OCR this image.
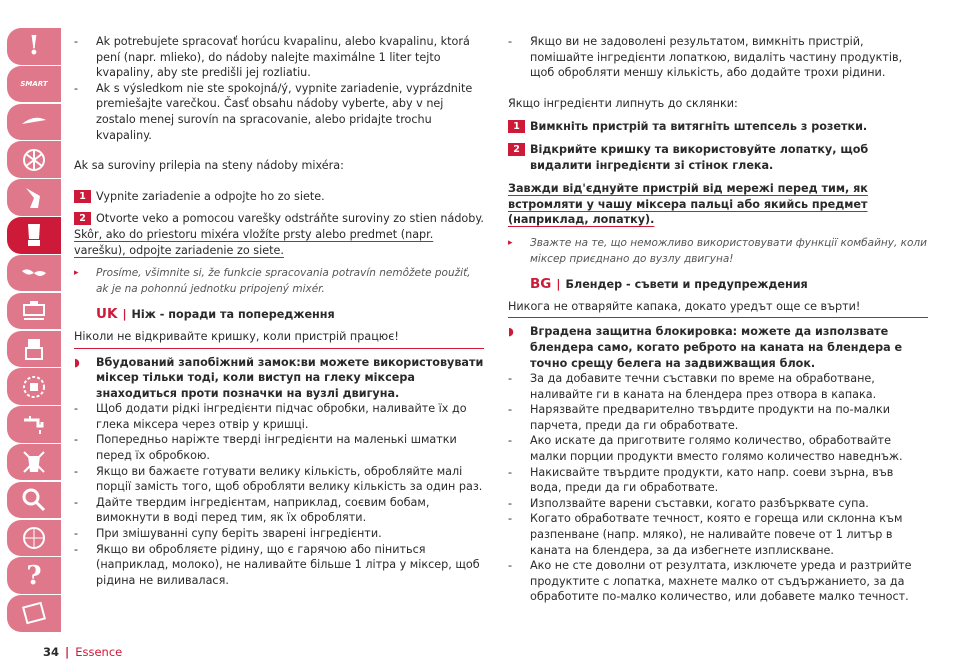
!
SMART
?
- Ak potrebujete spracovať horúcu kvapalinu, alebo kvapalinu, ktorá pení (napr. mlieko), do nádoby nalejte maximálne 1 liter tejto kvapaliny, aby ste predišli jej rozliatiu.
- Ak s výsledkom nie ste spokojná/ý, vypnite zariadenie, vyprázdnite premiešajte varečkou. Časť obsahu nádoby vyberte, aby v nej zostalo menej surovín na spracovanie, alebo pridajte trochu kvapaliny.
Ak sa suroviny prilepia na steny nádoby mixéra:
1 Vypnite zariadenie a odpojte ho zo siete.
2 Otvorte veko a pomocou varešky odstráňte suroviny zo stien nádoby.
Skôr, ako do priestoru mixéra vložíte prsty alebo predmet (napr. varešku), odpojte zariadenie zo siete.
▸ Prosíme, všimnite si, že funkcie spracovania potravín nemôžete použiť, ak je na pohonnú jednotku pripojený mixér.
UK | Ніж - поради та попередження
Ніколи не відкривайте кришку, коли пристрій працює!
◗ Вбудований запобіжний замок:ви можете використовувати міксер тільки тоді, коли виступ на глеку міксера знаходиться проти позначки на вузлі двигуна.
- Щоб додати рідкі інгредієнти підчас обробки, наливайте їх до глека міксера через отвір у кришці.
- Попередньо наріжте тверді інгредієнти на маленькі шматки перед їх обробкою.
- Якщо ви бажаєте готувати велику кількість, обробляйте малі порції замість того, щоб обробляти велику кількість за один раз.
- Дайте твердим інгредієнтам, наприклад, соєвим бобам, вимокнути в воді перед тим, як їх обробляти.
- При змішуванні супу беріть зварені інгредієнти.
- Якщо ви обробляєте рідину, що є гарячою або піниться (наприклад, молоко), не наливайте більше 1 літра у міксер, щоб рідина не виливалася.
- Якщо ви не задоволені результатом, вимкніть пристрій, помішайте інгредієнти лопаткою, видаліть частину продуктів, щоб обробляти меншу кількість, або додайте трохи рідини.
Якщо інгредієнти липнуть до склянки:
1 Вимкніть пристрій та витягніть штепсель з розетки.
2 Відкрийте кришку та використовуйте лопатку, щоб видалити інгредієнти зі стінок глека.
Завжди від'єднуйте пристрій від мережі перед тим, як встромляти у чашу міксера пальці або якийсь предмет (наприклад, лопатку).
▸ Зважте на те, що неможливо використовувати функції комбайну, коли міксер приєднано до вузлу двигуна!
BG | Блендер - съвети и предупреждения
Никога не отваряйте капака, докато уредът още се върти!
◗ Вградена защитна блокировка: можете да използвате блендера само, когато реброто на каната на блендера е точно срещу белега на задвижващия блок.
- За да добавите течни съставки по време на обработване, наливайте ги в каната на блендера през отвора в капака.
- Нарязвайте предварително твърдите продукти на по-малки парчета, преди да ги обработвате.
- Ако искате да приготвите голямо количество, обработвайте малки порции продукти вместо голямо количество наведнъж.
- Накисвайте твърдите продукти, като напр. соеви зърна, във вода, преди да ги обработвате.
- Използвайте варени съставки, когато разбърквате супа.
- Когато обработвате течност, която е гореща или склонна към разпенване (напр. мляко), не наливайте повече от 1 литър в каната на блендера, за да избегнете изплискване.
- Ако не сте доволни от резултата, изключете уреда и разтрийте продуктите с лопатка, махнете малко от съдържанието, за да обработите по-малко количество, или добавете малко течност.
34 | Essence
